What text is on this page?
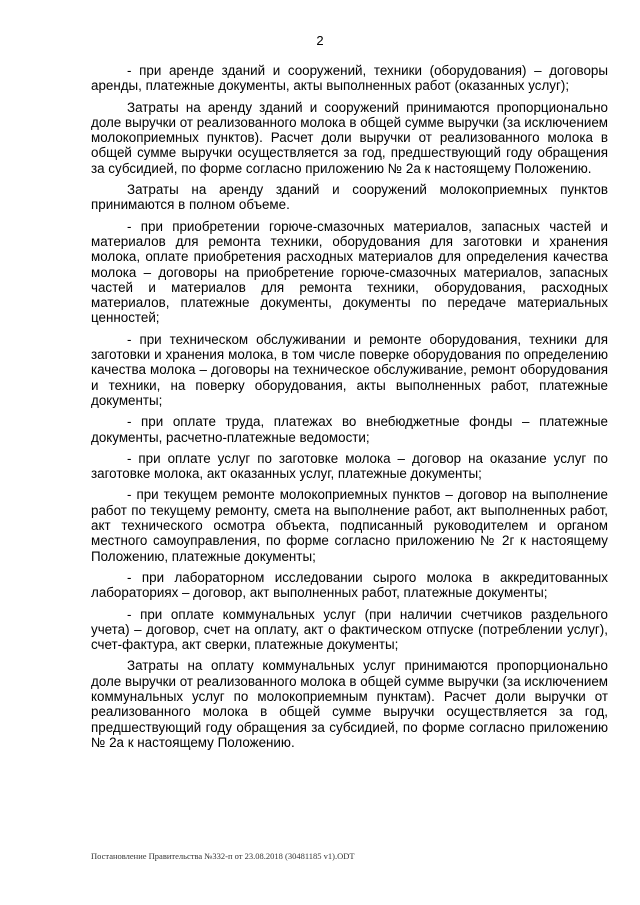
2

- при аренде зданий и сооружений, техники (оборудования) – договоры аренды, платежные документы, акты выполненных работ (оказанных услуг);

Затраты на аренду зданий и сооружений принимаются пропорционально доле выручки от реализованного молока в общей сумме выручки (за исключением молокоприемных пунктов). Расчет доли выручки от реализованного молока в общей сумме выручки осуществляется за год, предшествующий году обращения за субсидией, по форме согласно приложению № 2а к настоящему Положению.

Затраты на аренду зданий и сооружений молокоприемных пунктов принимаются в полном объеме.

- при приобретении горюче-смазочных материалов, запасных частей и материалов для ремонта техники, оборудования для заготовки и хранения молока, оплате приобретения расходных материалов для определения качества молока – договоры на приобретение горюче-смазочных материалов, запасных частей и материалов для ремонта техники, оборудования, расходных материалов, платежные документы, документы по передаче материальных ценностей;

- при техническом обслуживании и ремонте оборудования, техники для заготовки и хранения молока, в том числе поверке оборудования по определению качества молока – договоры на техническое обслуживание, ремонт оборудования и техники, на поверку оборудования, акты выполненных работ, платежные документы;

- при оплате труда, платежах во внебюджетные фонды – платежные документы, расчетно-платежные ведомости;

- при оплате услуг по заготовке молока – договор на оказание услуг по заготовке молока, акт оказанных услуг, платежные документы;

- при текущем ремонте молокоприемных пунктов – договор на выполнение работ по текущему ремонту, смета на выполнение работ, акт выполненных работ, акт технического осмотра объекта, подписанный руководителем и органом местного самоуправления, по форме согласно приложению № 2г к настоящему Положению, платежные документы;

- при лабораторном исследовании сырого молока в аккредитованных лабораториях – договор, акт выполненных работ, платежные документы;

- при оплате коммунальных услуг (при наличии счетчиков раздельного учета) – договор, счет на оплату, акт о фактическом отпуске (потреблении услуг), счет-фактура, акт сверки, платежные документы;

Затраты на оплату коммунальных услуг принимаются пропорционально доле выручки от реализованного молока в общей сумме выручки (за исключением коммунальных услуг по молокоприемным пунктам). Расчет доли выручки от реализованного молока в общей сумме выручки осуществляется за год, предшествующий году обращения за субсидией, по форме согласно приложению № 2а к настоящему Положению.

Постановление Правительства №332-п от 23.08.2018 (30481185 v1).ODT
